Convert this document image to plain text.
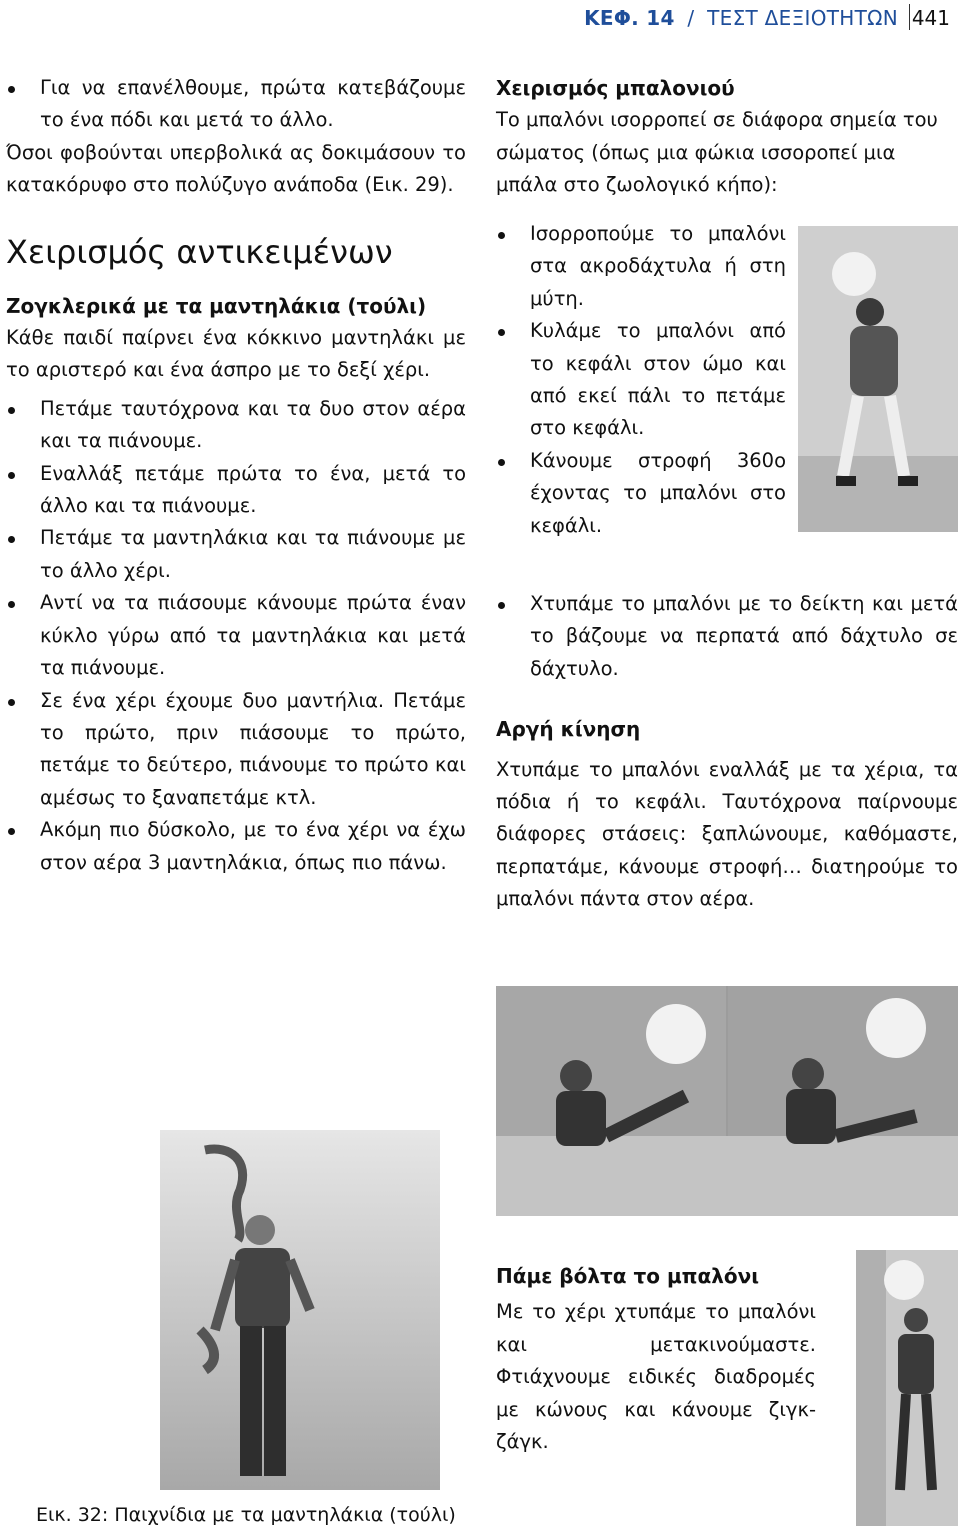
ΚΕΦ. 14 / ΤΕΣΤ ΔΕΞΙΟΤΗΤΩΝ 441
Για να επανέλθουμε, πρώτα κατεβάζουμε το ένα πόδι και μετά το άλλο.

Όσοι φοβούνται υπερβολικά ας δοκιμάσουν το κατακόρυφο στο πολύζυγο ανάποδα (Εικ. 29).

Χειρισμός αντικειμένων
Ζογκλερικά με τα μαντηλάκια (τούλι)

Κάθε παιδί παίρνει ένα κόκκινο μαντηλάκι με το αριστερό και ένα άσπρο με το δεξί χέρι.

Πετάμε ταυτόχρονα και τα δυο στον αέρα και τα πιάνουμε.
Εναλλάξ πετάμε πρώτα το ένα, μετά το άλλο και τα πιάνουμε.
Πετάμε τα μαντηλάκια και τα πιάνουμε με το άλλο χέρι.
Αντί να τα πιάσουμε κάνουμε πρώτα έναν κύκλο γύρω από τα μαντηλάκια και μετά τα πιάνουμε.
Σε ένα χέρι έχουμε δυο μαντήλια. Πετάμε το πρώτο, πριν πιάσουμε το πρώτο, πετάμε το δεύτερο, πιάνουμε το πρώτο και αμέσως το ξαναπετάμε κτλ.
Ακόμη πιο δύσκολο, με το ένα χέρι να έχω στον αέρα 3 μαντηλάκια, όπως πιο πάνω.
Εικ. 32: Παιχνίδια με τα μαντηλάκια (τούλι)
Χειρισμός μπαλονιού

Το μπαλόνι ισορροπεί σε διάφορα σημεία του σώματος (όπως μια φώκια ισσοροπεί μια μπάλα στο ζωολογικό κήπο):

Ισορροπούμε το μπαλόνι στα ακροδάχτυλα ή στη μύτη.
Κυλάμε το μπαλόνι από το κεφάλι στον ώμο και από εκεί πάλι το πετάμε στο κεφάλι.
Κάνουμε στροφή 360ο έχοντας το μπαλόνι στο κεφάλι.
Χτυπάμε το μπαλόνι με το δείκτη και μετά το βάζουμε να περπατά από δάχτυλο σε δάχτυλο.
Αργή κίνηση

Χτυπάμε το μπαλόνι εναλλάξ με τα χέρια, τα πόδια ή το κεφάλι. Ταυτόχρονα παίρνουμε διάφορες στάσεις: ξαπλώνουμε, καθόμαστε, περπατάμε, κάνουμε στροφή… διατηρούμε το μπαλόνι πάντα στον αέρα.

Πάμε βόλτα το μπαλόνι

Με το χέρι χτυπάμε το μπαλόνι και μετακινούμαστε. Φτιάχνουμε ειδικές διαδρομές με κώνους και κάνουμε ζιγκ-ζάγκ.
